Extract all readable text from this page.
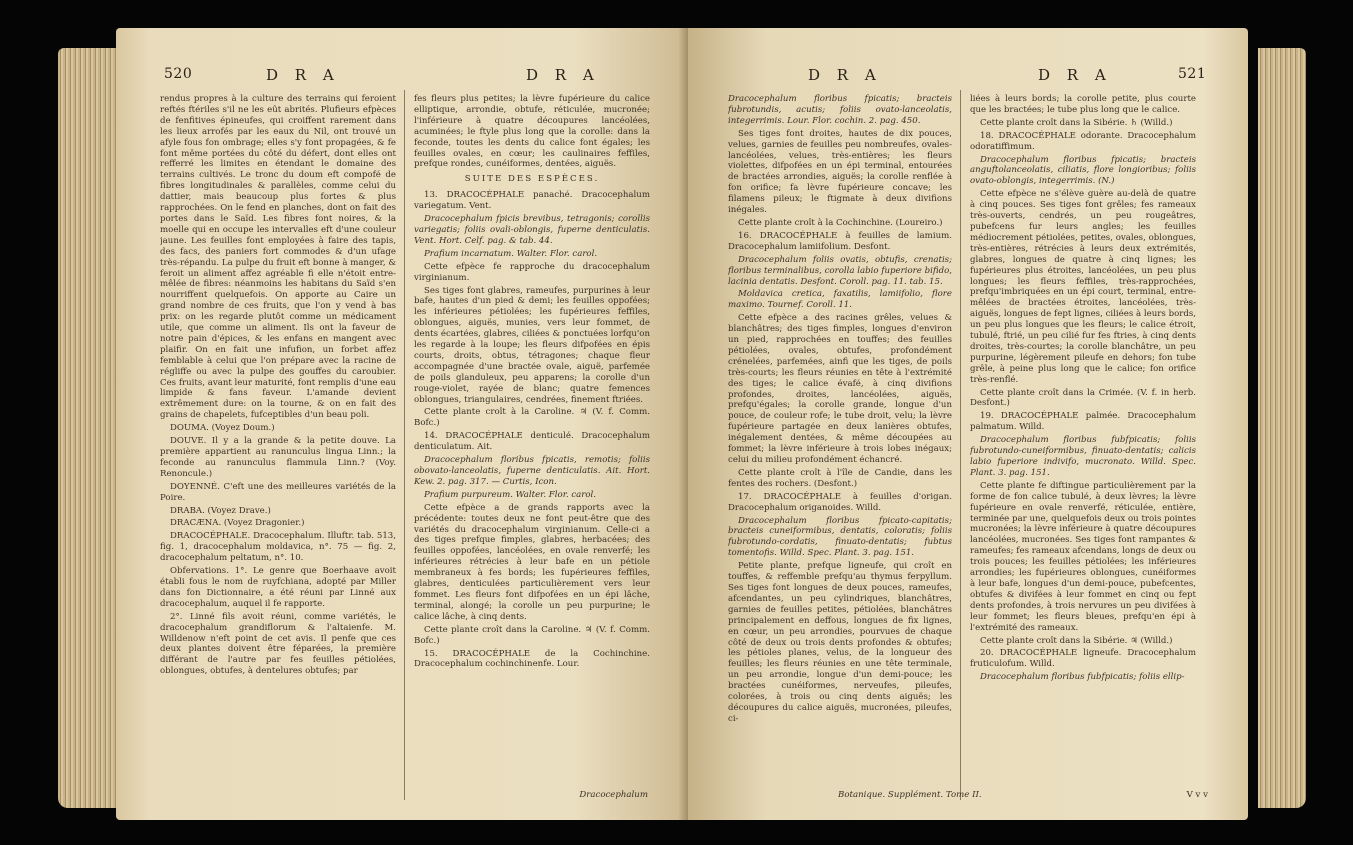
520	D R A	D R A

rendus propres à la culture des terrains qui feroient reftés ftériles s'il ne les eût abrités. Plufieurs efpèces de fenfitives épineufes, qui croiffent rarement dans les lieux arrofés par les eaux du Nil, ont trouvé un afyle fous fon ombrage; elles s'y font propagées, & fe font même portées du côté du défert, dont elles ont refferré les limites en étendant le domaine des terrains cultivés. Le tronc du doum eft compofé de fibres longitudinales & parallèles, comme celui du dattier, mais beaucoup plus fortes & plus rapprochées. On le fend en planches, dont on fait des portes dans le Saïd. Les fibres font noires, & la moelle qui en occupe les intervalles eft d'une couleur jaune. Les feuilles font employées à faire des tapis, des facs, des paniers fort commodes & d'un ufage très-répandu. La pulpe du fruit eft bonne à manger, & feroit un aliment affez agréable fi elle n'étoit entre-mêlée de fibres: néanmoins les habitans du Saïd s'en nourriffent quelquefois. On apporte au Caire un grand nombre de ces fruits, que l'on y vend à bas prix: on les regarde plutôt comme un médicament utile, que comme un aliment. Ils ont la faveur de notre pain d'épices, & les enfans en mangent avec plaifir. On en fait une infufion, un forbet affez femblable à celui que l'on prépare avec la racine de régliffe ou avec la pulpe des gouffes du caroubier. Ces fruits, avant leur maturité, font remplis d'une eau limpide & fans faveur. L'amande devient extrêmement dure: on la tourne, & on en fait des grains de chapelets, fufceptibles d'un beau poli.

DOUMA. (Voyez Doum.)

DOUVE. Il y a la grande & la petite douve. La première appartient au ranunculus lingua Linn.; la feconde au ranunculus flammula Linn.? (Voy. Renoncule.)

DOYENNÉ. C'eft une des meilleures variétés de la Poire.

DRABA. (Voyez Drave.)

DRACÆNA. (Voyez Dragonier.)

DRACOCÉPHALE. Dracocephalum. Illuftr. tab. 513, fig. 1, dracocephalum moldavica, n°. 75 — fig. 2, dracocephalum peltatum, n°. 10.

Obfervations. 1°. Le genre que Boerhaave avoit établi fous le nom de ruyfchiana, adopté par Miller dans fon Dictionnaire, a été réuni par Linné aux dracocephalum, auquel il fe rapporte.

2°. Linné fils avoit réuni, comme variétés, le dracocephalum grandiflorum & l'altaienfe. M. Willdenow n'eft point de cet avis. Il penfe que ces deux plantes doivent être féparées, la première différant de l'autre par fes feuilles pétiolées, oblongues, obtufes, à dentelures obtufes; par

fes fleurs plus petites; la lèvre fupérieure du calice elliptique, arrondie, obtufe, réticulée, mucronée; l'inférieure à quatre découpures lancéolées, acuminées; le ftyle plus long que la corolle: dans la feconde, toutes les dents du calice font égales; les feuilles ovales, en cœur; les caulinaires feffiles, prefque rondes, cunéiformes, dentées, aiguës.

SUITE DES ESPÈCES.

13. DRACOCÉPHALE panaché. Dracocephalum variegatum. Vent.

Dracocephalum fpicis brevibus, tetragonis; corollis variegatis; foliis ovali-oblongis, fuperne denticulatis. Vent. Hort. Celf. pag. & tab. 44.

Prafium incarnatum. Walter. Flor. carol.

Cette efpèce fe rapproche du dracocephalum virginianum.

Ses tiges font glabres, rameufes, purpurines à leur bafe, hautes d'un pied & demi; les feuilles oppofées; les inférieures pétiolées; les fupérieures feffiles, oblongues, aiguës, munies, vers leur fommet, de dents écartées, glabres, ciliées & ponctuées lorfqu'on les regarde à la loupe; les fleurs difpofées en épis courts, droits, obtus, tétragones; chaque fleur accompagnée d'une bractée ovale, aiguë, parfemée de poils glanduleux, peu apparens; la corolle d'un rouge-violet, rayée de blanc; quatre femences oblongues, triangulaires, cendrées, finement ftriées.

Cette plante croît à la Caroline. ♃ (V. f. Comm. Bofc.)

14. DRACOCÉPHALE denticulé. Dracocephalum denticulatum. Ait.

Dracocephalum floribus fpicatis, remotis; foliis obovato-lanceolatis, fuperne denticulatis. Ait. Hort. Kew. 2. pag. 317. — Curtis, Icon.

Prafium purpureum. Walter. Flor. carol.

Cette efpèce a de grands rapports avec la précédente: toutes deux ne font peut-être que des variétés du dracocephalum virginianum. Celle-ci a des tiges prefque fimples, glabres, herbacées; des feuilles oppofées, lancéolées, en ovale renverfé; les inférieures rétrécies à leur bafe en un pétiole membraneux à fes bords; les fupérieures feffiles, glabres, denticulées particulièrement vers leur fommet. Les fleurs font difpofées en un épi lâche, terminal, alongé; la corolle un peu purpurine; le calice lâche, à cinq dents.

Cette plante croît dans la Caroline. ♃ (V. f. Comm. Bofc.)

15. DRACOCÉPHALE de la Cochinchine. Dracocephalum cochinchinenfe. Lour.

Dracocephalum
D R A	D R A	521

Dracocephalum floribus fpicatis; bracteis fubrotundis, acutis; foliis ovato-lanceolatis, integerrimis. Lour. Flor. cochin. 2. pag. 450.

Ses tiges font droites, hautes de dix pouces, velues, garnies de feuilles peu nombreufes, ovales-lancéolées, velues, très-entières; les fleurs violettes, difpofées en un épi terminal, entourées de bractées arrondies, aiguës; la corolle renflée à fon orifice; fa lèvre fupérieure concave; les filamens pileux; le ftigmate à deux divifions inégales.

Cette plante croît à la Cochinchine. (Loureiro.)

16. DRACOCÉPHALE à feuilles de lamium. Dracocephalum lamiifolium. Desfont.

Dracocephalum foliis ovatis, obtufis, crenatis; floribus terminalibus, corolla labio fuperiore bifido, lacinia dentatis. Desfont. Coroll. pag. 11. tab. 15.

Moldavica cretica, faxatilis, lamiifolio, flore maximo. Tournef. Coroll. 11.

Cette efpèce a des racines grêles, velues & blanchâtres; des tiges fimples, longues d'environ un pied, rapprochées en touffes; des feuilles pétiolées, ovales, obtufes, profondément crénelées, parfemées, ainfi que les tiges, de poils très-courts; les fleurs réunies en tête à l'extrémité des tiges; le calice évafé, à cinq divifions profondes, droites, lancéolées, aiguës, prefqu'égales; la corolle grande, longue d'un pouce, de couleur rofe; le tube droit, velu; la lèvre fupérieure partagée en deux lanières obtufes, inégalement dentées, & même découpées au fommet; la lèvre inférieure à trois lobes inégaux; celui du milieu profondément échancré.

Cette plante croît à l'île de Candie, dans les fentes des rochers. (Desfont.)

17. DRACOCÉPHALE à feuilles d'origan. Dracocephalum origanoides. Willd.

Dracocephalum floribus fpicato-capitatis; bracteis cuneiformibus, dentatis, coloratis; foliis fubrotundo-cordatis, finuato-dentatis; fubtus tomentofis. Willd. Spec. Plant. 3. pag. 151.

Petite plante, prefque ligneufe, qui croît en touffes, & reffemble prefqu'au thymus ferpyllum. Ses tiges font longues de deux pouces, rameufes, afcendantes, un peu cylindriques, blanchâtres, garnies de feuilles petites, pétiolées, blanchâtres principalement en deffous, longues de fix lignes, en cœur, un peu arrondies, pourvues de chaque côté de deux ou trois dents profondes & obtufes; les pétioles planes, velus, de la longueur des feuilles; les fleurs réunies en une tête terminale, un peu arrondie, longue d'un demi-pouce; les bractées cunéiformes, nerveufes, pileufes, colorées, à trois ou cinq dents aiguës; les découpures du calice aiguës, mucronées, pileufes, ci-

liées à leurs bords; la corolle petite, plus courte que les bractées; le tube plus long que le calice.

Cette plante croît dans la Sibérie. ♄ (Willd.)

18. DRACOCÉPHALE odorante. Dracocephalum odoratiffimum.

Dracocephalum floribus fpicatis; bracteis anguftolanceolatis, ciliatis, flore longioribus; foliis ovato-oblongis, integerrimis. (N.)

Cette efpèce ne s'élève guère au-delà de quatre à cinq pouces. Ses tiges font grêles; fes rameaux très-ouverts, cendrés, un peu rougeâtres, pubefcens fur leurs angles; les feuilles médiocrement pétiolées, petites, ovales, oblongues, très-entières, rétrécies à leurs deux extrémités, glabres, longues de quatre à cinq lignes; les fupérieures plus étroites, lancéolées, un peu plus longues; les fleurs feffiles, très-rapprochées, prefqu'imbriquées en un épi court, terminal, entre-mêlées de bractées étroites, lancéolées, très-aiguës, longues de fept lignes, ciliées à leurs bords, un peu plus longues que les fleurs; le calice étroit, tubulé, ftrié, un peu cilié fur fes ftries, à cinq dents droites, très-courtes; la corolle blanchâtre, un peu purpurine, légèrement pileufe en dehors; fon tube grêle, à peine plus long que le calice; fon orifice très-renflé.

Cette plante croît dans la Crimée. (V. f. in herb. Desfont.)

19. DRACOCÉPHALE palmée. Dracocephalum palmatum. Willd.

Dracocephalum floribus fubfpicatis; foliis fubrotundo-cuneiformibus, finuato-dentatis; calicis labio fuperiore indivifo, mucronato. Willd. Spec. Plant. 3. pag. 151.

Cette plante fe diftingue particulièrement par la forme de fon calice tubulé, à deux lèvres; la lèvre fupérieure en ovale renverfé, réticulée, entière, terminée par une, quelquefois deux ou trois pointes mucronées; la lèvre inférieure à quatre découpures lancéolées, mucronées. Ses tiges font rampantes & rameufes; fes rameaux afcendans, longs de deux ou trois pouces; les feuilles pétiolées; les inférieures arrondies; les fupérieures oblongues, cunéiformes à leur bafe, longues d'un demi-pouce, pubefcentes, obtufes & divifées à leur fommet en cinq ou fept dents profondes, à trois nervures un peu divifées à leur fommet; les fleurs bleues, prefqu'en épi à l'extrémité des rameaux.

Cette plante croît dans la Sibérie. ♃ (Willd.)

20. DRACOCÉPHALE ligneufe. Dracocephalum fruticulofum. Willd.

Dracocephalum floribus fubfpicatis; foliis ellip-

Botanique. Supplément. Tome II.	V v v
